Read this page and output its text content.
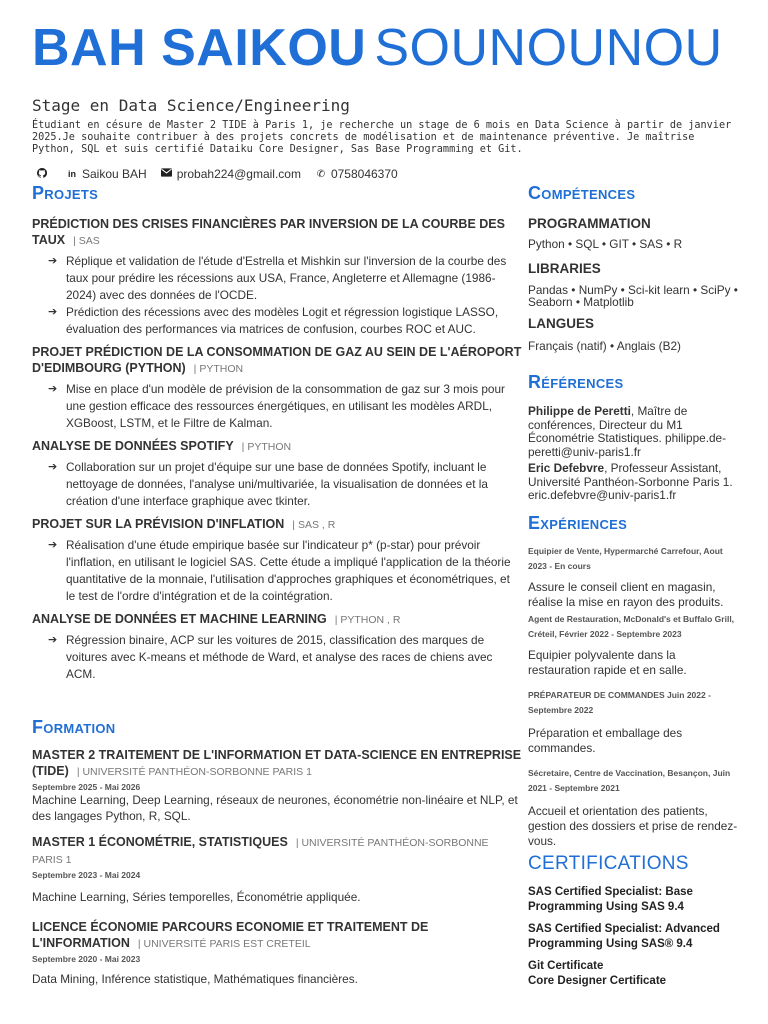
BAH SAIKOU SOUNOUNOU
Stage en Data Science/Engineering
Étudiant en césure de Master 2 TIDE à Paris 1, je recherche un stage de 6 mois en Data Science à partir de janvier 2025.Je souhaite contribuer à des projets concrets de modélisation et de maintenance préventive. Je maîtrise Python, SQL et suis certifié Dataiku Core Designer, Sas Base Programming et Git.
in Saikou BAH	probah224@gmail.com ✆ 0758046370
Projets
PRÉDICTION DES CRISES FINANCIÈRES PAR INVERSION DE LA COURBE DES TAUX | SAS
➔ Réplique et validation de l'étude d'Estrella et Mishkin sur l'inversion de la courbe des taux pour prédire les récessions aux USA, France, Angleterre et Allemagne (1986-2024) avec des données de l'OCDE.
➔ Prédiction des récessions avec des modèles Logit et régression logistique LASSO, évaluation des performances via matrices de confusion, courbes ROC et AUC.
PROJET PRÉDICTION DE LA CONSOMMATION DE GAZ AU SEIN DE L'AÉROPORT D'EDIMBOURG (PYTHON) | PYTHON
➔ Mise en place d'un modèle de prévision de la consommation de gaz sur 3 mois pour une gestion efficace des ressources énergétiques, en utilisant les modèles ARDL, XGBoost, LSTM, et le Filtre de Kalman.
ANALYSE DE DONNÉES SPOTIFY | PYTHON
➔ Collaboration sur un projet d'équipe sur une base de données Spotify, incluant le nettoyage de données, l'analyse uni/multivariée, la visualisation de données et la création d'une interface graphique avec tkinter.
PROJET SUR LA PRÉVISION D'INFLATION | SAS , R
➔ Réalisation d'une étude empirique basée sur l'indicateur p* (p-star) pour prévoir l'inflation, en utilisant le logiciel SAS. Cette étude a impliqué l'application de la théorie quantitative de la monnaie, l'utilisation d'approches graphiques et économétriques, et le test de l'ordre d'intégration et de la cointégration.
ANALYSE DE DONNÉES ET MACHINE LEARNING | PYTHON , R
➔ Régression binaire, ACP sur les voitures de 2015, classification des marques de voitures avec K-means et méthode de Ward, et analyse des races de chiens avec ACM.
Formation
MASTER 2 TRAITEMENT DE L'INFORMATION ET DATA-SCIENCE EN ENTREPRISE (TIDE) | UNIVERSITÉ PANTHÉON-SORBONNE PARIS 1
Septembre 2025 - Mai 2026
Machine Learning, Deep Learning, réseaux de neurones, économétrie non-linéaire et NLP, et des langages Python, R, SQL.
MASTER 1 ÉCONOMÉTRIE, STATISTIQUES | UNIVERSITÉ PANTHÉON-SORBONNE PARIS 1
Septembre 2023 - Mai 2024
Machine Learning, Séries temporelles, Économétrie appliquée.
LICENCE ÉCONOMIE PARCOURS ECONOMIE ET TRAITEMENT DE L'INFORMATION | UNIVERSITÉ PARIS EST CRETEIL
Septembre 2020 - Mai 2023
Data Mining, Inférence statistique, Mathématiques financières.
Compétences
PROGRAMMATION
Python • SQL • GIT • SAS • R
LIBRARIES
Pandas • NumPy • Sci-kit learn • SciPy • Seaborn • Matplotlib
LANGUES
Français (natif) • Anglais (B2)
Références
Philippe de Peretti, Maître de conférences, Directeur du M1 Économétrie Statistiques. philippe.de-peretti@univ-paris1.fr
Eric Defebvre, Professeur Assistant, Université Panthéon-Sorbonne Paris 1. eric.defebvre@univ-paris1.fr
Expériences
Equipier de Vente, Hypermarché Carrefour, Aout 2023 - En cours
Assure le conseil client en magasin, réalise la mise en rayon des produits.
Agent de Restauration, McDonald's et Buffalo Grill, Créteil, Février 2022 - Septembre 2023
Equipier polyvalente dans la restauration rapide et en salle.
PRÉPARATEUR DE COMMANDES Juin 2022 - Septembre 2022
Préparation et emballage des commandes.
Sécretaire, Centre de Vaccination, Besançon, Juin 2021 - Septembre 2021
Accueil et orientation des patients, gestion des dossiers et prise de rendez-vous.
CERTIFICATIONS
SAS Certified Specialist: Base Programming Using SAS 9.4
SAS Certified Specialist: Advanced Programming Using SAS® 9.4
Git Certificate
Core Designer Certificate
